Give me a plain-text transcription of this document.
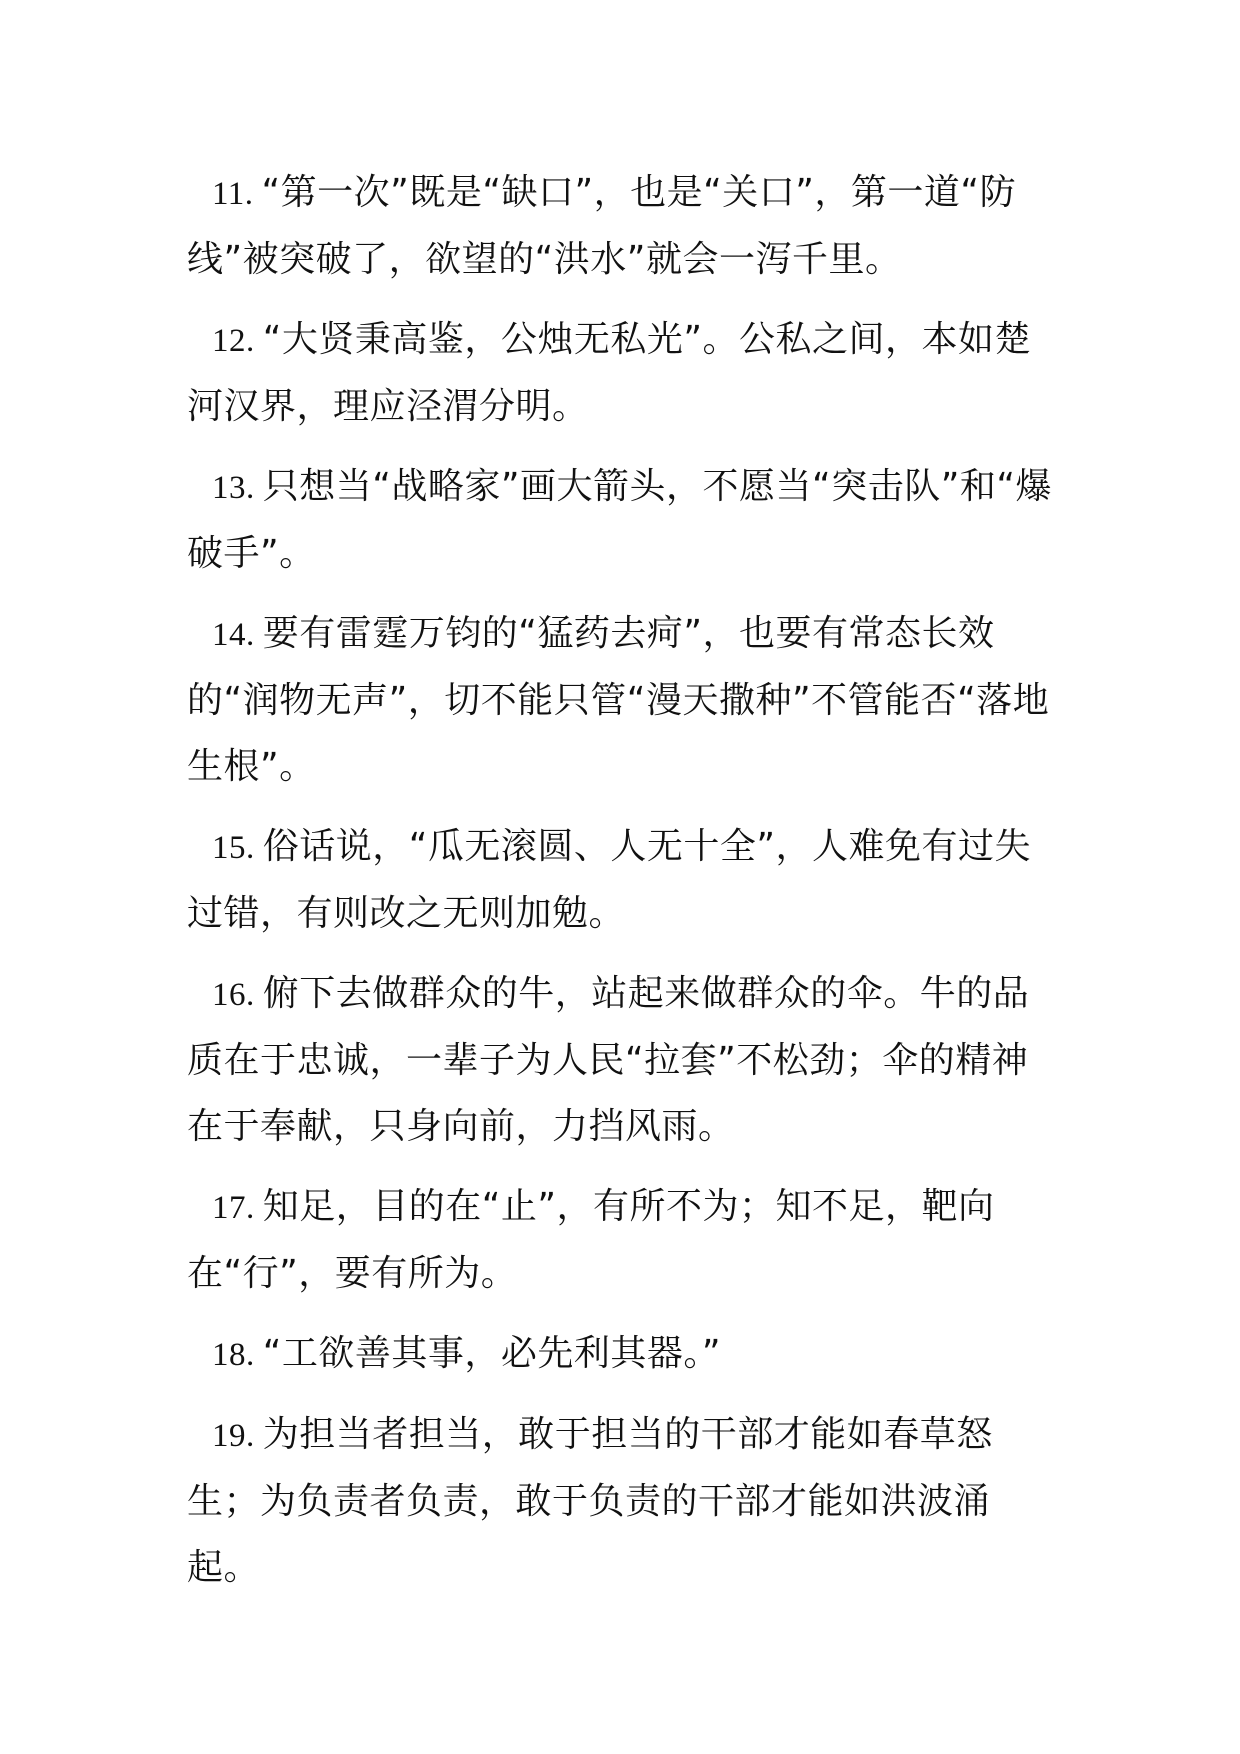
11. “第一次”既是“缺口”，也是“关口”，第一道“防线”被突破了，欲望的“洪水”就会一泻千里。

12. “大贤秉高鉴，公烛无私光”。公私之间，本如楚河汉界，理应泾渭分明。

13. 只想当“战略家”画大箭头，不愿当“突击队”和“爆破手”。

14. 要有雷霆万钧的“猛药去疴”，也要有常态长效的“润物无声”，切不能只管“漫天撒种”不管能否“落地生根”。

15. 俗话说，“瓜无滚圆、人无十全”，人难免有过失过错，有则改之无则加勉。

16. 俯下去做群众的牛，站起来做群众的伞。牛的品质在于忠诚，一辈子为人民“拉套”不松劲；伞的精神在于奉献，只身向前，力挡风雨。

17. 知足，目的在“止”，有所不为；知不足，靶向在“行”，要有所为。

18. “工欲善其事，必先利其器。”

19. 为担当者担当，敢于担当的干部才能如春草怒生；为负责者负责，敢于负责的干部才能如洪波涌起。
